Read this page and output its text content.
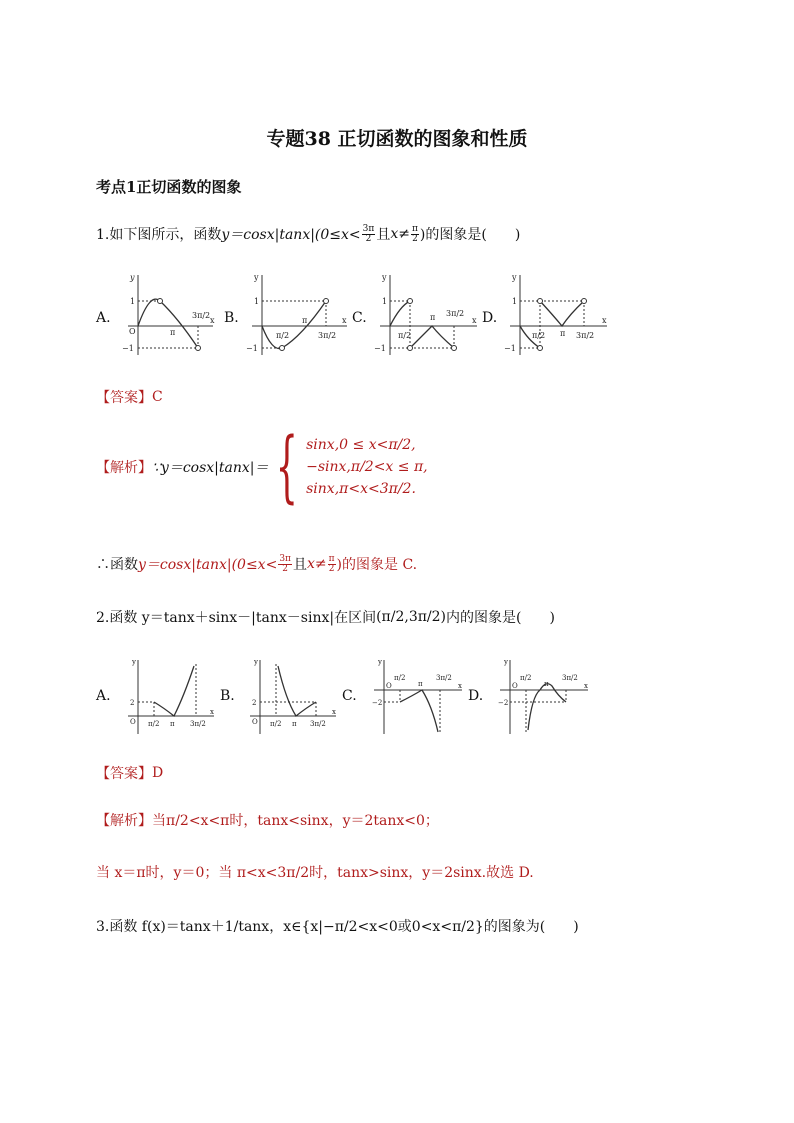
专题38 正切函数的图象和性质
考点1正切函数的图象
1.如下图所示，函数 $y=\cos x|\tan x|(0\le x< \frac{3\pi}{2}$ 且 $x\ne \frac{\pi}{2}$ )的图象是(　　)
A.
y
x
O
1
−1
π
3π/2 B.
y
x
1
−1
π/2
π
3π/2
C.
y
x
1
−1
π/2
π 3π/2 D.
y
x
1
−1
π/2 π 3π/2
【答案】 C
【解析】 ∵y＝cosx|tanx|＝ { sinx,0 ≤ x<π/2,
−sinx,π/2<x ≤ π,
sinx,π<x<3π/2.
∴函数 $y=\cos x|\tan x|(0\le x< \frac{3\pi}{2}$ 且 $x\ne \frac{\pi}{2}$ )的图象是 C.
2.函数 y＝tanx＋sinx－|tanx－sinx|在区间 (π/2,3π/2) 内的图象是(　　)
A.
y
x
O
2
π/2 π 3π/2
B.
y
x
O
2
π/2 π 3π/2
C.
y
x
O
−2
π/2
π
3π/2
D.
y
x
O
−2
π/2
π
3π/2
【答案】 D
【解析】 当π/2<x<π时，tanx<sinx，y＝2tanx<0；
当 x＝π时，y＝0；当 π<x<3π/2时，tanx>sinx，y＝2sinx.故选 D.
3.函数 f(x)＝tanx＋1/tanx，x∈{x|−π/2<x<0或0<x<π/2}的图象为(　　)
